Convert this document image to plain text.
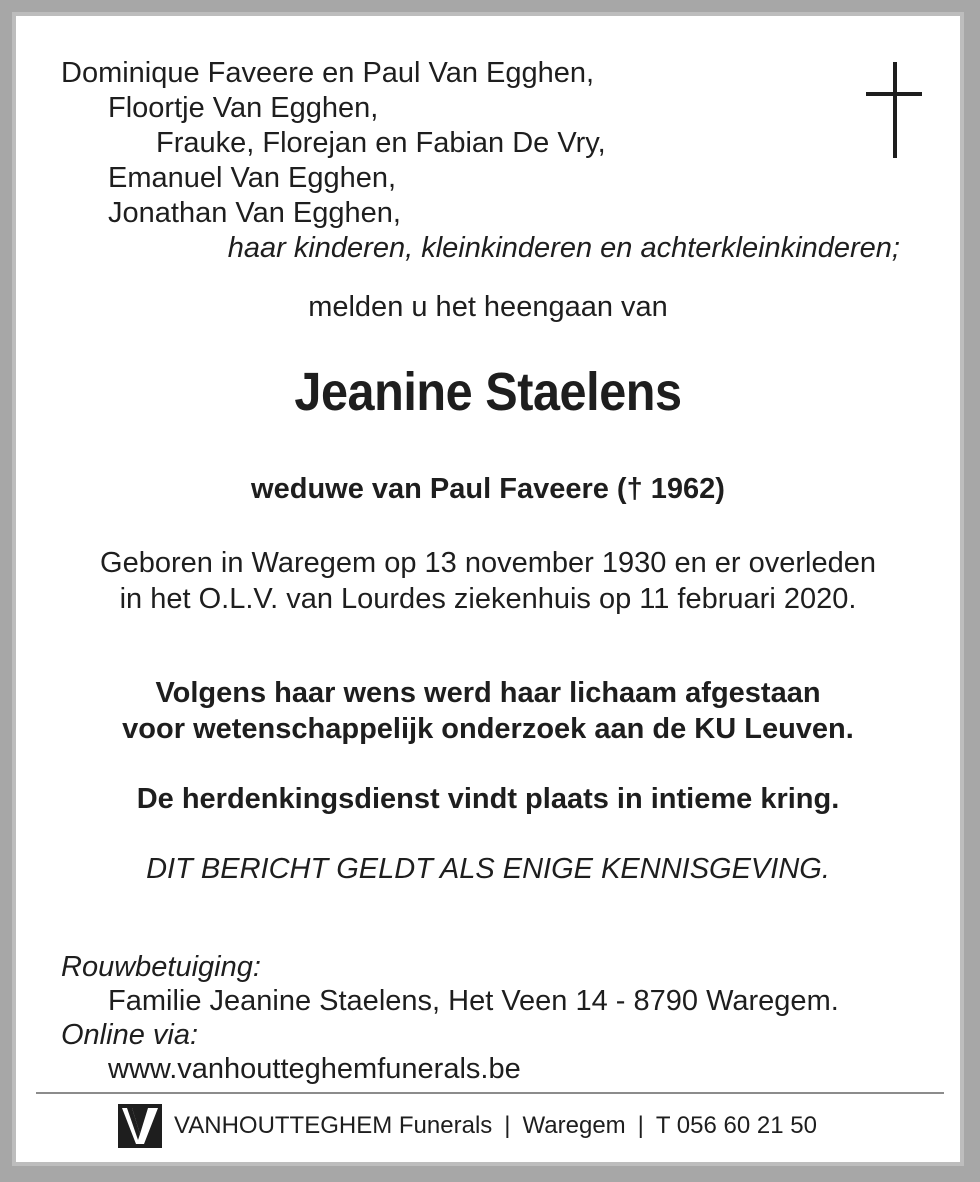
Dominique Faveere en Paul Van Egghen,
Floortje Van Egghen,
Frauke, Florejan en Fabian De Vry,
Emanuel Van Egghen,
Jonathan Van Egghen,
haar kinderen, kleinkinderen en achterkleinkinderen;
melden u het heengaan van
Jeanine Staelens
weduwe van Paul Faveere († 1962)
Geboren in Waregem op 13 november 1930 en er overleden
in het O.L.V. van Lourdes ziekenhuis op 11 februari 2020.
Volgens haar wens werd haar lichaam afgestaan
voor wetenschappelijk onderzoek aan de KU Leuven.
De herdenkingsdienst vindt plaats in intieme kring.
DIT BERICHT GELDT ALS ENIGE KENNISGEVING.
Rouwbetuiging:
Familie Jeanine Staelens, Het Veen 14 - 8790 Waregem.
Online via:
www.vanhoutteghemfunerals.be
VANHOUTTEGHEM Funerals | Waregem | T 056 60 21 50
